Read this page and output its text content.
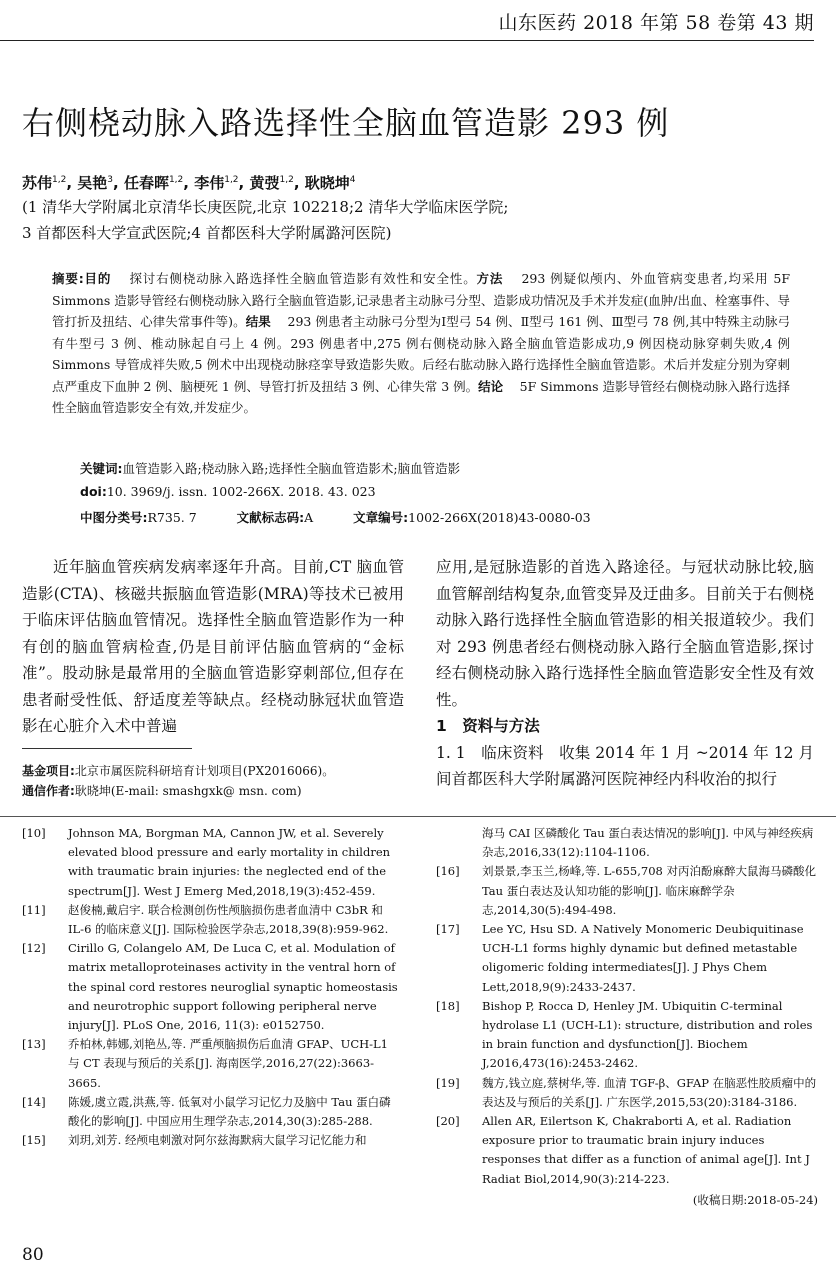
山东医药 2018 年第 58 卷第 43 期
右侧桡动脉入路选择性全脑血管造影 293 例
苏伟$^{1,2}$, 吴艳$^3$, 任春晖$^{1,2}$, 李伟$^{1,2}$, 黄弢$^{1,2}$, 耿晓坤$^4$
(1 清华大学附属北京清华长庚医院,北京 102218;2 清华大学临床医学院;
3 首都医科大学宣武医院;4 首都医科大学附属潞河医院)
摘要:目的　 探讨右侧桡动脉入路选择性全脑血管造影有效性和安全性。方法　 293 例疑似颅内、外血管病变患者,均采用 5F Simmons 造影导管经右侧桡动脉入路行全脑血管造影,记录患者主动脉弓分型、造影成功情况及手术并发症(血肿/出血、栓塞事件、导管打折及扭结、心律失常事件等)。结果　 293 例患者主动脉弓分型为Ⅰ型弓 54 例、Ⅱ型弓 161 例、Ⅲ型弓 78 例,其中特殊主动脉弓有牛型弓 3 例、椎动脉起自弓上 4 例。293 例患者中,275 例右侧桡动脉入路全脑血管造影成功,9 例因桡动脉穿刺失败,4 例 Simmons 导管成袢失败,5 例术中出现桡动脉痉挛导致造影失败。后经右肱动脉入路行选择性全脑血管造影。术后并发症分别为穿刺点严重皮下血肿 2 例、脑梗死 1 例、导管打折及扭结 3 例、心律失常 3 例。结论　 5F Simmons 造影导管经右侧桡动脉入路行选择性全脑血管造影安全有效,并发症少。
关键词:血管造影入路;桡动脉入路;选择性全脑血管造影术;脑血管造影
doi:10. 3969/j. issn. 1002-266X. 2018. 43. 023
中图分类号:R735. 7	文献标志码:A	文章编号:1002-266X(2018)43-0080-03

近年脑血管疾病发病率逐年升高。目前,CT 脑血管造影(CTA)、核磁共振脑血管造影(MRA)等技术已被用于临床评估脑血管情况。选择性全脑血管造影作为一种有创的脑血管病检查,仍是目前评估脑血管病的“金标准”。股动脉是最常用的全脑血管造影穿刺部位,但存在患者耐受性低、舒适度差等缺点。经桡动脉冠状血管造影在心脏介入术中普遍

应用,是冠脉造影的首选入路途径。与冠状动脉比较,脑血管解剖结构复杂,血管变异及迂曲多。目前关于右侧桡动脉入路行选择性全脑血管造影的相关报道较少。我们对 293 例患者经右侧桡动脉入路行全脑血管造影,探讨经右侧桡动脉入路行选择性全脑血管造影安全性及有效性。
1　资料与方法
1. 1　临床资料　收集 2014 年 1 月 ~2014 年 12 月间首都医科大学附属潞河医院神经内科收治的拟行
基金项目:北京市属医院科研培育计划项目(PX2016066)。
通信作者:耿晓坤(E-mail: smashgxk@ msn. com)
[10] Johnson MA, Borgman MA, Cannon JW, et al. Severely elevated blood pressure and early mortality in children with traumatic brain injuries: the neglected end of the spectrum[J]. West J Emerg Med,2018,19(3):452-459.
[11] 赵俊楠,戴启宇. 联合检测创伤性颅脑损伤患者血清中 C3bR 和 IL-6 的临床意义[J]. 国际检验医学杂志,2018,39(8):959-962.
[12] Cirillo G, Colangelo AM, De Luca C, et al. Modulation of matrix metalloproteinases activity in the ventral horn of the spinal cord restores neuroglial synaptic homeostasis and neurotrophic support following peripheral nerve injury[J]. PLoS One, 2016, 11(3): e0152750.
[13] 乔柏林,韩娜,刘艳丛,等. 严重颅脑损伤后血清 GFAP、UCH-L1 与 CT 表现与预后的关系[J]. 海南医学,2016,27(22):3663-3665.
[14] 陈媛,虞立霞,洪燕,等. 低氧对小鼠学习记忆力及脑中 Tau 蛋白磷酸化的影响[J]. 中国应用生理学杂志,2014,30(3):285-288.
[15] 刘玥,刘芳. 经颅电刺激对阿尔兹海默病大鼠学习记忆能力和
海马 CAI 区磷酸化 Tau 蛋白表达情况的影响[J]. 中风与神经疾病杂志,2016,33(12):1104-1106.
[16] 刘景景,李玉兰,杨峰,等. L-655,708 对丙泊酚麻醉大鼠海马磷酸化 Tau 蛋白表达及认知功能的影响[J]. 临床麻醉学杂志,2014,30(5):494-498.
[17] Lee YC, Hsu SD. A Natively Monomeric Deubiquitinase UCH-L1 forms highly dynamic but defined metastable oligomeric folding intermediates[J]. J Phys Chem Lett,2018,9(9):2433-2437.
[18] Bishop P, Rocca D, Henley JM. Ubiquitin C-terminal hydrolase L1 (UCH-L1): structure, distribution and roles in brain function and dysfunction[J]. Biochem J,2016,473(16):2453-2462.
[19] 魏方,钱立庭,蔡树华,等. 血清 TGF-β、GFAP 在脑恶性胶质瘤中的表达及与预后的关系[J]. 广东医学,2015,53(20):3184-3186.
[20] Allen AR, Eilertson K, Chakraborti A, et al. Radiation exposure prior to traumatic brain injury induces responses that differ as a function of animal age[J]. Int J Radiat Biol,2014,90(3):214-223.
(收稿日期:2018-05-24)
80
